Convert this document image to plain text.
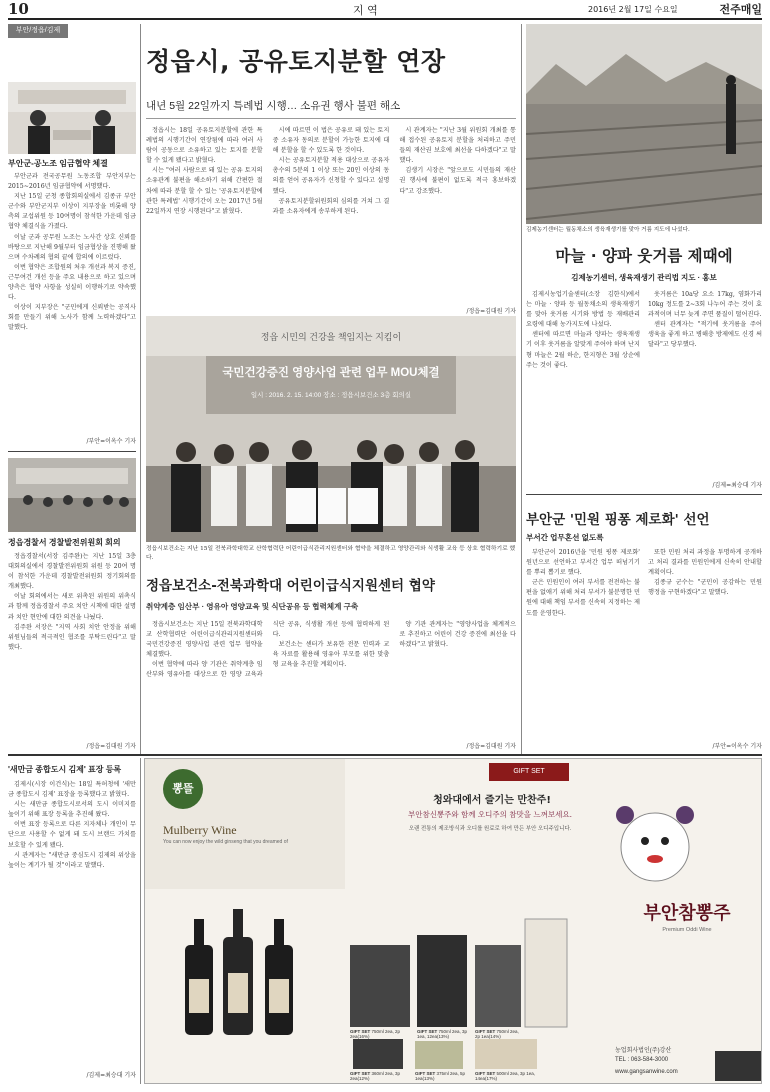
10	지 역	2016년 2월 17일 수요일	전주매일
부안/정읍/김제
부안군-공노조 임금협약 체결

부안군과 전국공무원 노동조합 부안지부는 2015~2016년 임금협약에 서명했다.

지난 15일 군청 종합회의실에서 김종규 부안군수와 부안군지부 이상이 지부장을 비롯해 양 측의 교섭위원 등 10여명이 참석한 가운데 임금협약 체결식을 가졌다.

이날 군과 공무원 노조는 노사간 상호 신뢰를 바탕으로 지난해 9월부터 임금협상을 진행해 왔으며 수차례의 협의 끝에 합의에 이르렀다.

이번 협약은 조합원의 처우 개선과 복지 증진, 근무여건 개선 등을 주요 내용으로 하고 있으며 양측은 협약 사항을 성실히 이행하기로 약속했다.

이상이 지부장은 "군민에게 신뢰받는 공직사회를 만들기 위해 노사가 함께 노력하겠다"고 말했다.

/부안=이옥수 기자
정읍경찰서 경찰발전위원회 회의

정읍경찰서(서장 김주완)는 지난 15일 3층 대회의실에서 경찰발전위원회 위원 등 20여 명이 참석한 가운데 경찰발전위원회 정기회의를 개최했다.

이날 회의에서는 새로 위촉된 위원의 위촉식과 함께 정읍경찰서 주요 치안 시책에 대한 설명과 치안 현안에 대한 의견을 나눴다.

김주완 서장은 "지역 사회 치안 안정을 위해 위원님들의 적극적인 협조를 부탁드린다"고 말했다.

/정읍=김대원 기자
정읍시, 공유토지분할 연장
내년 5월 22일까지 특례법 시행… 소유권 행사 불편 해소

정읍시는 18일 공유토지분할에 관한 특례법의 시행기간이 연장됨에 따라 여러 사람이 공동으로 소유하고 있는 토지를 분할할 수 있게 됐다고 밝혔다.

시는 "여러 사람으로 돼 있는 공유 토지의 소유관계 불편을 해소하기 위해 간편한 절차에 따라 분할 할 수 있는 '공유토지분할에 관한 특례법' 시행기간이 오는 2017년 5월 22일까지 연장 시행된다"고 밝혔다.

시에 따르면 이 법은 공유로 돼 있는 토지 중 소유자 동의로 분할이 가능한 토지에 대해 분할을 할 수 있도록 한 것이다.

시는 공유토지분할 적용 대상으로 공유자 총수의 5분의 1 이상 또는 20인 이상의 동의를 얻어 공유자가 신청할 수 있다고 설명했다.

공유토지분할위원회의 심의를 거쳐 그 결과를 소유자에게 송부하게 된다.

시 관계자는 "지난 3월 위원회 개최를 통해 접수된 공유토지 분할을 처리하고 주민들의 재산권 보호에 최선을 다하겠다"고 말했다.

김생기 시장은 "앞으로도 시민들의 재산권 행사에 불편이 없도록 적극 홍보하겠다"고 강조했다.

/정읍=김대원 기자
정읍 시민의 건강을 책임지는 지킴이
국민건강증진 영양사업 관련 업무 MOU체결
일시 : 2016. 2. 15. 14:00 장소 : 정읍시보건소 3층 회의실
정읍시보건소는 지난 15일 전북과학대학교 산학협력단 어린이급식관리지원센터와 협약을 체결하고 영양관리와 식생활 교육 등 상호 협력하기로 했다.
정읍보건소-전북과학대 어린이급식지원센터 협약
취약계층 임산부 · 영유아 영양교육 및 식단공유 등 협력체계 구축

정읍시보건소는 지난 15일 전북과학대학교 산학협력단 어린이급식관리지원센터와 국민건강증진 영양사업 관련 업무 협약을 체결했다.

이번 협약에 따라 양 기관은 취약계층 임산부와 영유아를 대상으로 한 영양 교육과 식단 공유, 식생활 개선 등에 협력하게 된다.

보건소는 센터가 보유한 전문 인력과 교육 자료를 활용해 영유아 부모를 위한 맞춤형 교육을 추진할 계획이다.

양 기관 관계자는 "영양사업을 체계적으로 추진하고 어린이 건강 증진에 최선을 다하겠다"고 밝혔다.

/정읍=김대원 기자
김제농기센터는 월동채소의 생육재생기를 맞아 거름 지도에 나섰다.
마늘 · 양파 웃거름 제때에
김제농기센터, 생육재생기 관리법 지도 · 홍보

김제시농업기술센터(소장 김한식)에서는 마늘 · 양파 등 월동채소의 생육재생기를 맞아 웃거름 시기와 방법 등 재배관리 요령에 대해 농가지도에 나섰다.

센터에 따르면 마늘과 양파는 생육재생기 이후 웃거름을 알맞게 주어야 하며 난지형 마늘은 2월 하순, 한지형은 3월 상순에 주는 것이 좋다.

웃거름은 10a당 요소 17kg, 염화가리 10kg 정도를 2~3회 나누어 주는 것이 효과적이며 너무 늦게 주면 품질이 떨어진다.

센터 관계자는 "적기에 웃거름을 주어 생육을 좋게 하고 병해충 방제에도 신경 써 달라"고 당부했다.

/김제=최승대 기자
부안군 '민원 핑퐁 제로화' 선언
부서간 업무혼선 없도록

부안군이 2016년을 '민원 핑퐁 제로화' 원년으로 선언하고 부서간 업무 떠넘기기를 뿌리 뽑기로 했다.

군은 민원인이 여러 부서를 전전하는 불편을 없애기 위해 처리 부서가 불분명한 민원에 대해 책임 부서를 신속히 지정하는 제도를 운영한다.

또한 민원 처리 과정을 투명하게 공개하고 처리 결과를 민원인에게 신속히 안내할 계획이다.

김종규 군수는 "군민이 공감하는 민원 행정을 구현하겠다"고 말했다.

/부안=이옥수 기자
'새만금 종합도시 김제' 표장 등록

김제시(시장 이건식)는 18일 특허청에 '새만금 종합도시 김제' 표장을 등록했다고 밝혔다.

시는 새만금 종합도시로서의 도시 이미지를 높이기 위해 표장 등록을 추진해 왔다.

이번 표장 등록으로 다른 지자체나 개인이 무단으로 사용할 수 없게 돼 도시 브랜드 가치를 보호할 수 있게 됐다.

시 관계자는 "새만금 중심도시 김제의 위상을 높이는 계기가 될 것"이라고 말했다.

/김제=최승대 기자
뽕뜰
Mulberry Wine
You can now enjoy the wild ginseng that you dreamed of
GIFT SET
청와대에서 즐기는 만찬주!
부안참신뽕주와 함께 오디주의 참맛을 느껴보세요.
오랜 전통의 제조방식과 오디를 원료로 하여 만든 부안 오디주입니다.
부안참뽕주
Premium Oddi Wine
GIFT SET 750ml 2ea, 2p 2ea(16%)
GIFT SET 750ml 2ea, 3p 1ea, 12ea(13%)
GIFT SET 750ml 2ea, 2p 1ea(14%)
GIFT SET 360ml 2ea, 3p 2ea(12%)
GIFT SET 375ml 2ea, 5p 1ea(13%)
GIFT SET 500ml 2ea, 3p 1ea, 14ea(17%)
농업회사법인(주)강산
TEL : 063-584-3000
www.gangsanwine.com
